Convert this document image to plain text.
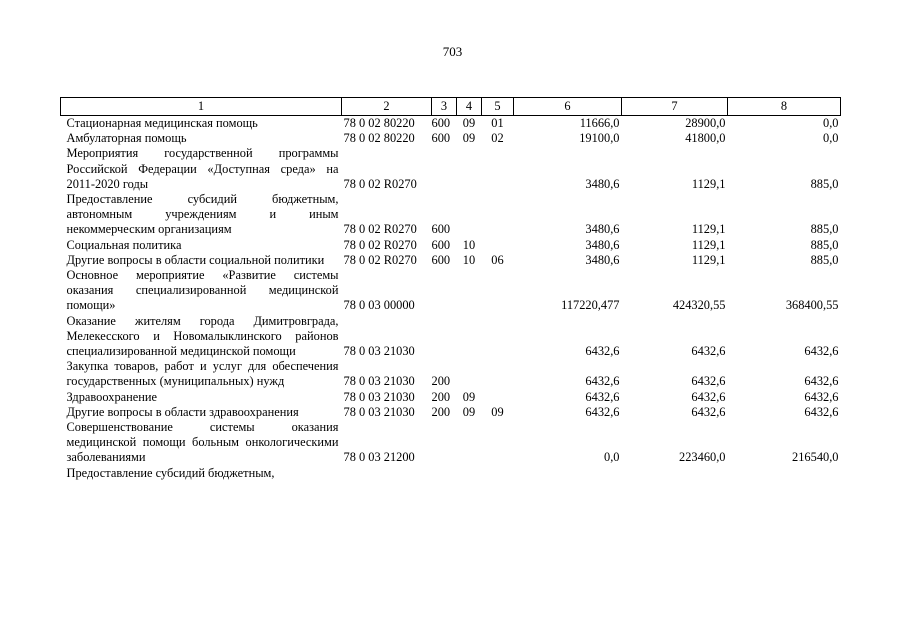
703
1	2	3	4	5	6	7	8
Стационарная медицинская помощь	78 0 02 80220	600	09	01	11666,0	28900,0	0,0
Амбулаторная помощь	78 0 02 80220	600	09	02	19100,0	41800,0	0,0
Мероприятия государственной программы Российской Федерации «Доступная среда» на 2011-2020 годы	78 0 02 R0270				3480,6	1129,1	885,0
Предоставление субсидий бюджетным, автономным учреждениям и иным некоммерческим организациям	78 0 02 R0270	600			3480,6	1129,1	885,0
Социальная политика	78 0 02 R0270	600	10		3480,6	1129,1	885,0
Другие вопросы в области социальной политики	78 0 02 R0270	600	10	06	3480,6	1129,1	885,0
Основное мероприятие «Развитие системы оказания специализированной медицинской помощи»	78 0 03 00000				117220,477	424320,55	368400,55
Оказание жителям города Димитровграда, Мелекесского и Новомалыклинского районов специализированной медицинской помощи	78 0 03 21030				6432,6	6432,6	6432,6
Закупка товаров, работ и услуг для обеспечения государственных (муниципальных) нужд	78 0 03 21030	200			6432,6	6432,6	6432,6
Здравоохранение	78 0 03 21030	200	09		6432,6	6432,6	6432,6
Другие вопросы в области здравоохранения	78 0 03 21030	200	09	09	6432,6	6432,6	6432,6
Совершенствование системы оказания медицинской помощи больным онкологическими заболеваниями	78 0 03 21200				0,0	223460,0	216540,0
Предоставление субсидий бюджетным,							
